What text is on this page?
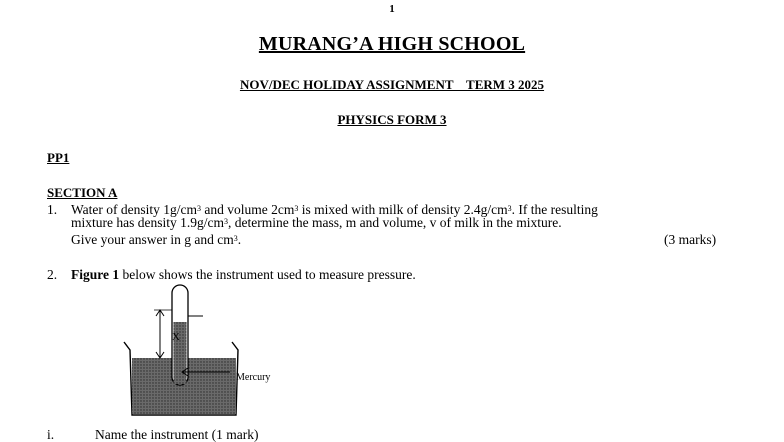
1
MURANG’A HIGH SCHOOL
NOV/DEC HOLIDAY ASSIGNMENT    TERM 3 2025
PHYSICS FORM 3
PP1
SECTION A
1. Water of density $1g/cm^3$ and volume $2cm^3$ is mixed with milk of density $2.4g/cm^3$. If the resulting
mixture has density $1.9g/cm^3$, determine the mass, m and volume, v of milk in the mixture.
Give your answer in g and $cm^3$.	(3 marks)
2. Figure 1 below shows the instrument used to measure pressure.
X
Mercury
i.	Name the instrument (1 mark)
